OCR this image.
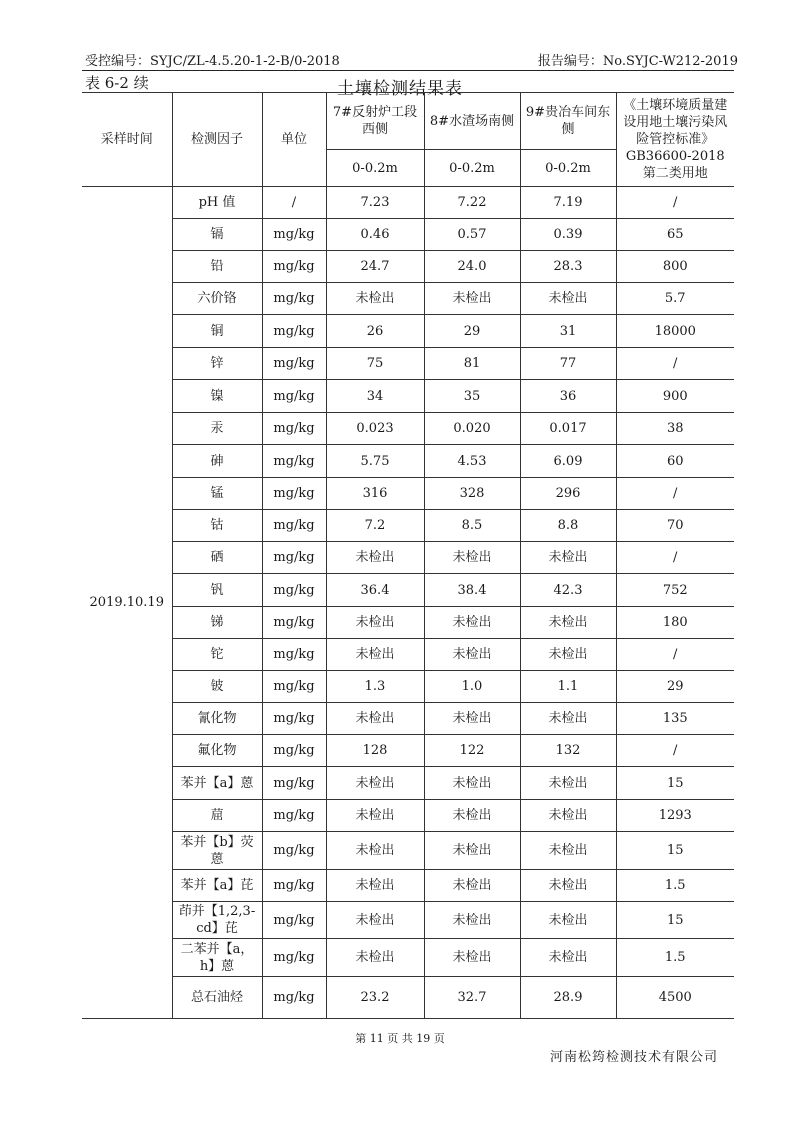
受控编号：SYJC/ZL-4.5.20-1-2-B/0-2018	报告编号：No.SYJC-W212-2019
表 6-2 续	土壤检测结果表
采样时间	检测因子	单位	7#反射炉工段西侧	8#水渣场南侧	9#贵冶车间东侧	《土壤环境质量建设用地土壤污染风险管控标准》GB36600-2018 第二类用地
			0-0.2m	0-0.2m	0-0.2m	
2019.10.19	pH 值	/	7.23	7.22	7.19	/
	镉	mg/kg	0.46	0.57	0.39	65
	铅	mg/kg	24.7	24.0	28.3	800
	六价铬	mg/kg	未检出	未检出	未检出	5.7
	铜	mg/kg	26	29	31	18000
	锌	mg/kg	75	81	77	/
	镍	mg/kg	34	35	36	900
	汞	mg/kg	0.023	0.020	0.017	38
	砷	mg/kg	5.75	4.53	6.09	60
	锰	mg/kg	316	328	296	/
	钴	mg/kg	7.2	8.5	8.8	70
	硒	mg/kg	未检出	未检出	未检出	/
	钒	mg/kg	36.4	38.4	42.3	752
	锑	mg/kg	未检出	未检出	未检出	180
	铊	mg/kg	未检出	未检出	未检出	/
	铍	mg/kg	1.3	1.0	1.1	29
	氰化物	mg/kg	未检出	未检出	未检出	135
	氟化物	mg/kg	128	122	132	/
	苯并【a】蒽	mg/kg	未检出	未检出	未检出	15
	䓛	mg/kg	未检出	未检出	未检出	1293
	苯并【b】荧蒽	mg/kg	未检出	未检出	未检出	15
	苯并【a】芘	mg/kg	未检出	未检出	未检出	1.5
	茚并【1,2,3-cd】芘	mg/kg	未检出	未检出	未检出	15
	二苯并【a，h】蒽	mg/kg	未检出	未检出	未检出	1.5
	总石油烃	mg/kg	23.2	32.7	28.9	4500
第 11 页 共 19 页
河南松筠检测技术有限公司
